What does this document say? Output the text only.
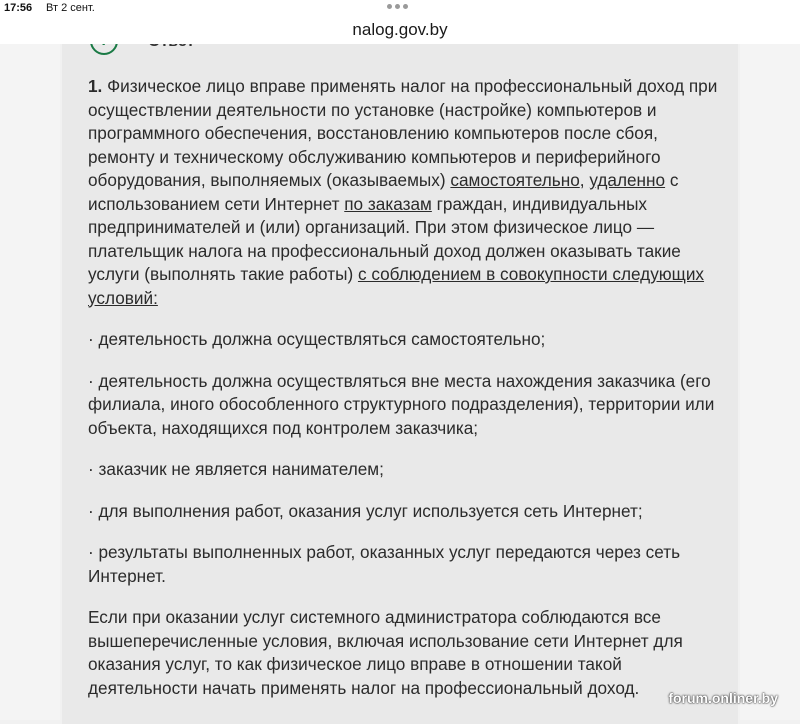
1. Физическое лицо вправе применять налог на профессиональный доход при осуществлении деятельности по установке (настройке) компьютеров и программного обеспечения, восстановлению компьютеров после сбоя, ремонту и техническому обслуживанию компьютеров и периферийного оборудования, выполняемых (оказываемых) самостоятельно, удаленно с использованием сети Интернет по заказам граждан, индивидуальных предпринимателей и (или) организаций. При этом физическое лицо — плательщик налога на профессиональный доход должен оказывать такие услуги (выполнять такие работы) с соблюдением в совокупности следующих условий:

· деятельность должна осуществляться самостоятельно;

· деятельность должна осуществляться вне места нахождения заказчика (его филиала, иного обособленного структурного подразделения), территории или объекта, находящихся под контролем заказчика;

· заказчик не является нанимателем;

· для выполнения работ, оказания услуг используется сеть Интернет;

· результаты выполненных работ, оказанных услуг передаются через сеть Интернет.

Если при оказании услуг системного администратора соблюдаются все вышеперечисленные условия, включая использование сети Интернет для оказания услуг, то как физическое лицо вправе в отношении такой деятельности начать применять налог на профессиональный доход.

17:56 Вт 2 сент.
nalog.gov.by
forum.onliner.by
